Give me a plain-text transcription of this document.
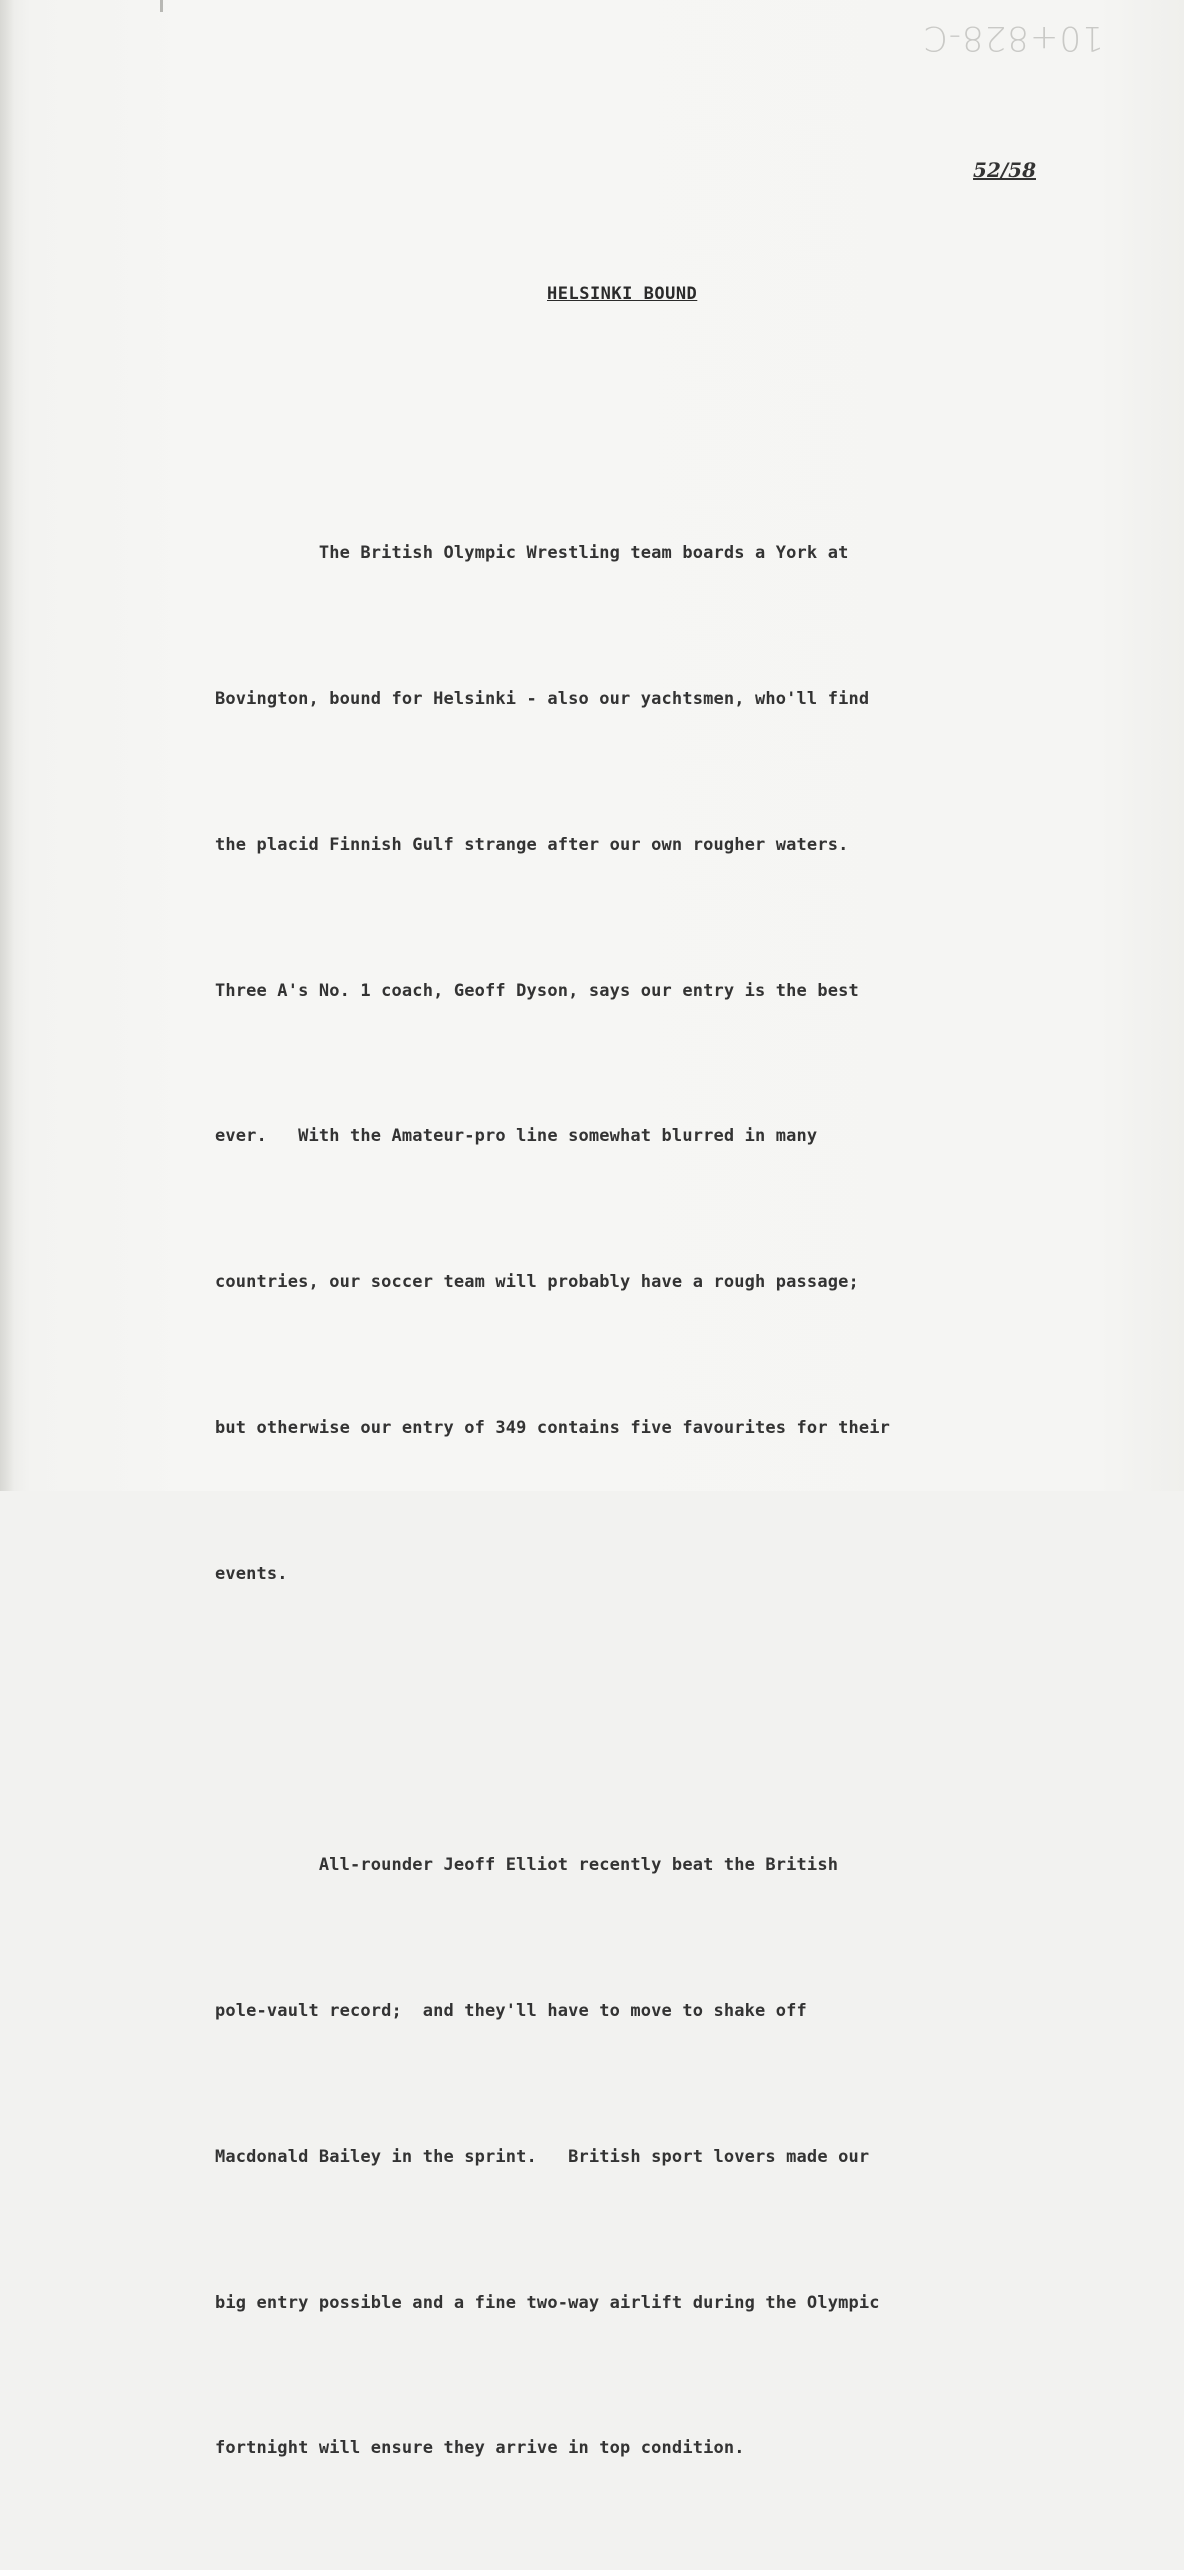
10+828-C
52/58
HELSINKI BOUND

The British Olympic Wrestling team boards a York at

Bovington, bound for Helsinki - also our yachtsmen, who'll find

the placid Finnish Gulf strange after our own rougher waters.

Three A's No. 1 coach, Geoff Dyson, says our entry is the best

ever.   With the Amateur-pro line somewhat blurred in many

countries, our soccer team will probably have a rough passage;

but otherwise our entry of 349 contains five favourites for their

events.

All-rounder Jeoff Elliot recently beat the British

pole-vault record;  and they'll have to move to shake off

Macdonald Bailey in the sprint.   British sport lovers made our

big entry possible and a fine two-way airlift during the Olympic

fortnight will ensure they arrive in top condition.
